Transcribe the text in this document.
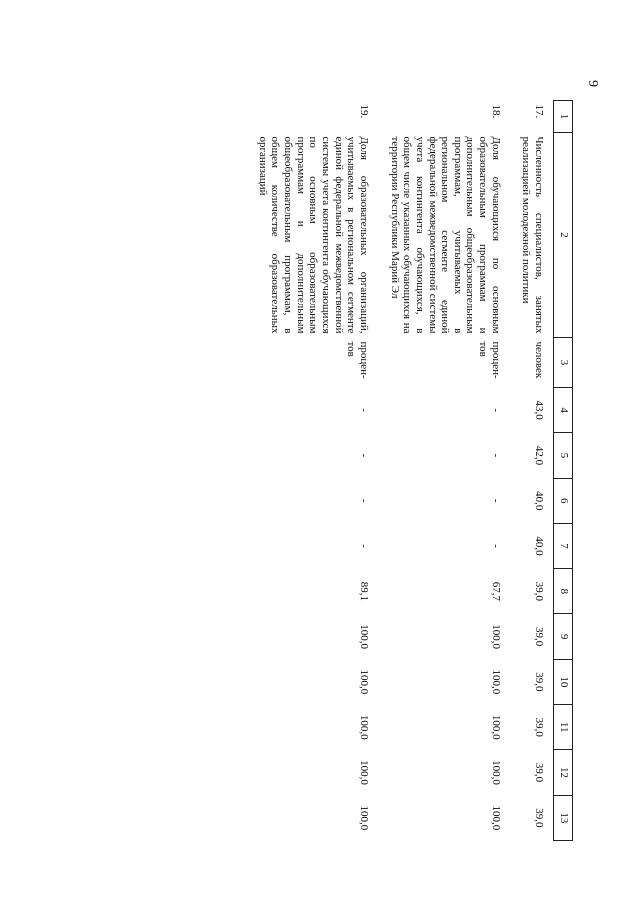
9
1	2	3	4	5	6	7	8	9	10	11	12	13
17.	Численность специалистов, занятых реализацией молодежной политики	человек	43,0	42,0	40,0	40,0	39,0	39,0	39,0	39,0	39,0	39,0
18.	Доля обучающихся по основным образовательным программам и дополнительным общеобразовательным программам, учитываемых в региональном сегменте единой федеральной межведомственной системы учета контингента обучающихся, в общем числе указанных обучающихся на территории Республики Марий Эл	процен-тов	-	-	-	-	67,7	100,0	100,0	100,0	100,0	100,0
19.	Доля образовательных организаций, учитываемых в региональном сегменте единой федеральной межведомственной системы учета контингента обучающихся по основным образовательным программам и дополнительным общеобразовательным программам, в общем количестве образовательных организаций	процен-тов	-	-	-	-	89,1	100,0	100,0	100,0	100,0	100,0
